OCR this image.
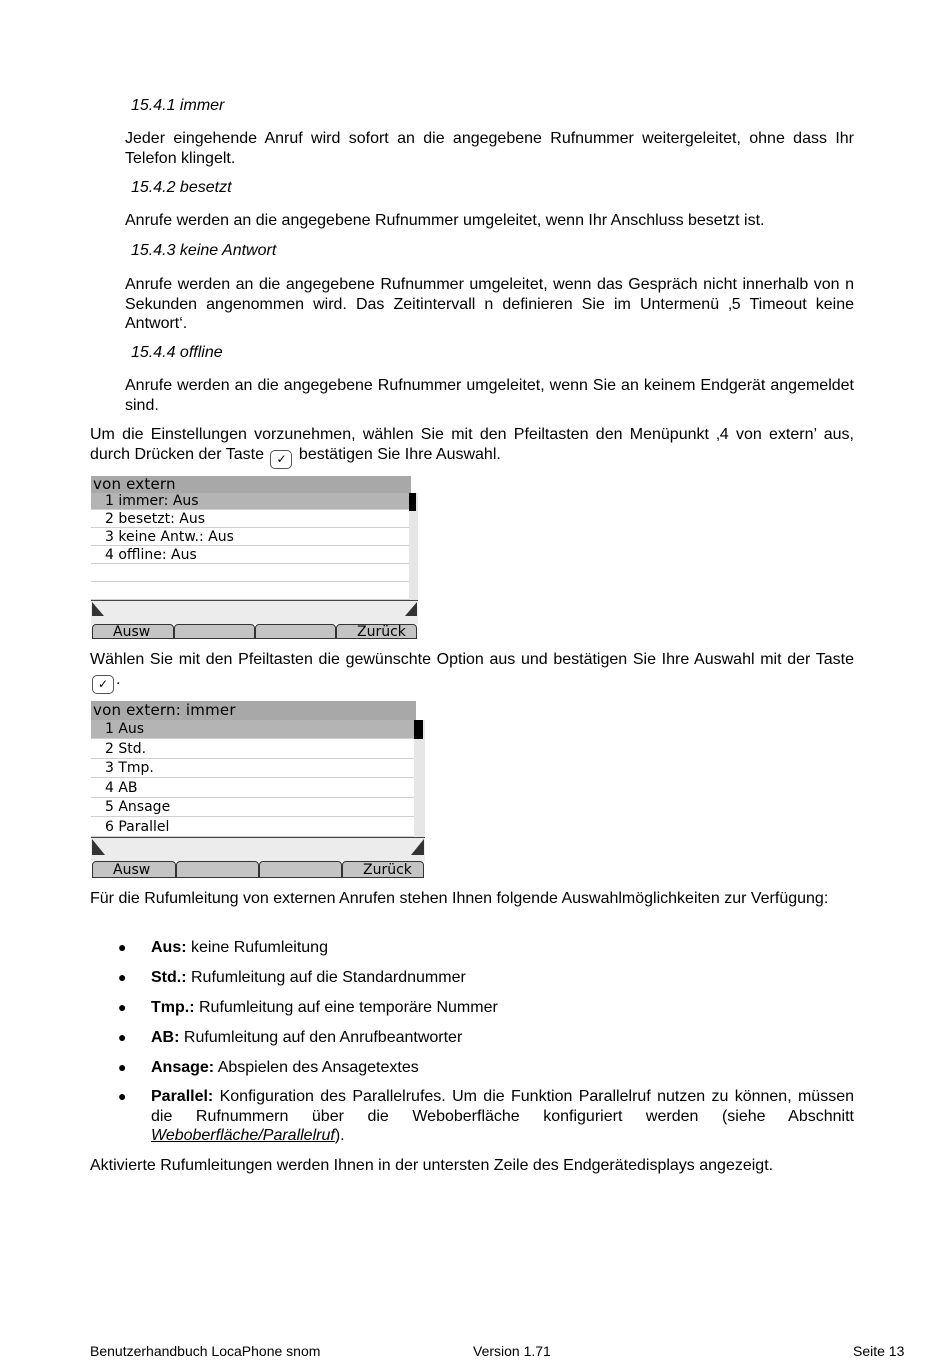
15.4.1 immer
Jeder eingehende Anruf wird sofort an die angegebene Rufnummer weitergeleitet, ohne dass Ihr Telefon klingelt.
15.4.2 besetzt
Anrufe werden an die angegebene Rufnummer umgeleitet, wenn Ihr Anschluss besetzt ist.
15.4.3 keine Antwort
Anrufe werden an die angegebene Rufnummer umgeleitet, wenn das Gespräch nicht innerhalb von n Sekunden angenommen wird. Das Zeitintervall n definieren Sie im Untermenü ‚5 Timeout keine Antwort‘.
15.4.4 offline
Anrufe werden an die angegebene Rufnummer umgeleitet, wenn Sie an keinem Endgerät angemeldet sind.
Um die Einstellungen vorzunehmen, wählen Sie mit den Pfeiltasten den Menüpunkt ‚4 von extern’ aus, durch Drücken der Taste ✓ bestätigen Sie Ihre Auswahl.
von extern
1 immer: Aus
2 besetzt: Aus
3 keine Antw.: Aus
4 offline: Aus
Ausw	Zurück
Wählen Sie mit den Pfeiltasten die gewünschte Option aus und bestätigen Sie Ihre Auswahl mit der Taste ✓ .
von extern: immer
1 Aus
2 Std.
3 Tmp.
4 AB
5 Ansage
6 Parallel
Ausw	Zurück
Für die Rufumleitung von externen Anrufen stehen Ihnen folgende Auswahlmöglichkeiten zur Verfügung:
● Aus: keine Rufumleitung
● Std.: Rufumleitung auf die Standardnummer
● Tmp.: Rufumleitung auf eine temporäre Nummer
● AB: Rufumleitung auf den Anrufbeantworter
● Ansage: Abspielen des Ansagetextes
● Parallel: Konfiguration des Parallelrufes. Um die Funktion Parallelruf nutzen zu können, müssen die Rufnummern über die Weboberfläche konfiguriert werden (siehe Abschnitt Weboberfläche/Parallelruf).
Aktivierte Rufumleitungen werden Ihnen in der untersten Zeile des Endgerätedisplays angezeigt.
Benutzerhandbuch LocaPhone snom	Version 1.71	Seite 13
